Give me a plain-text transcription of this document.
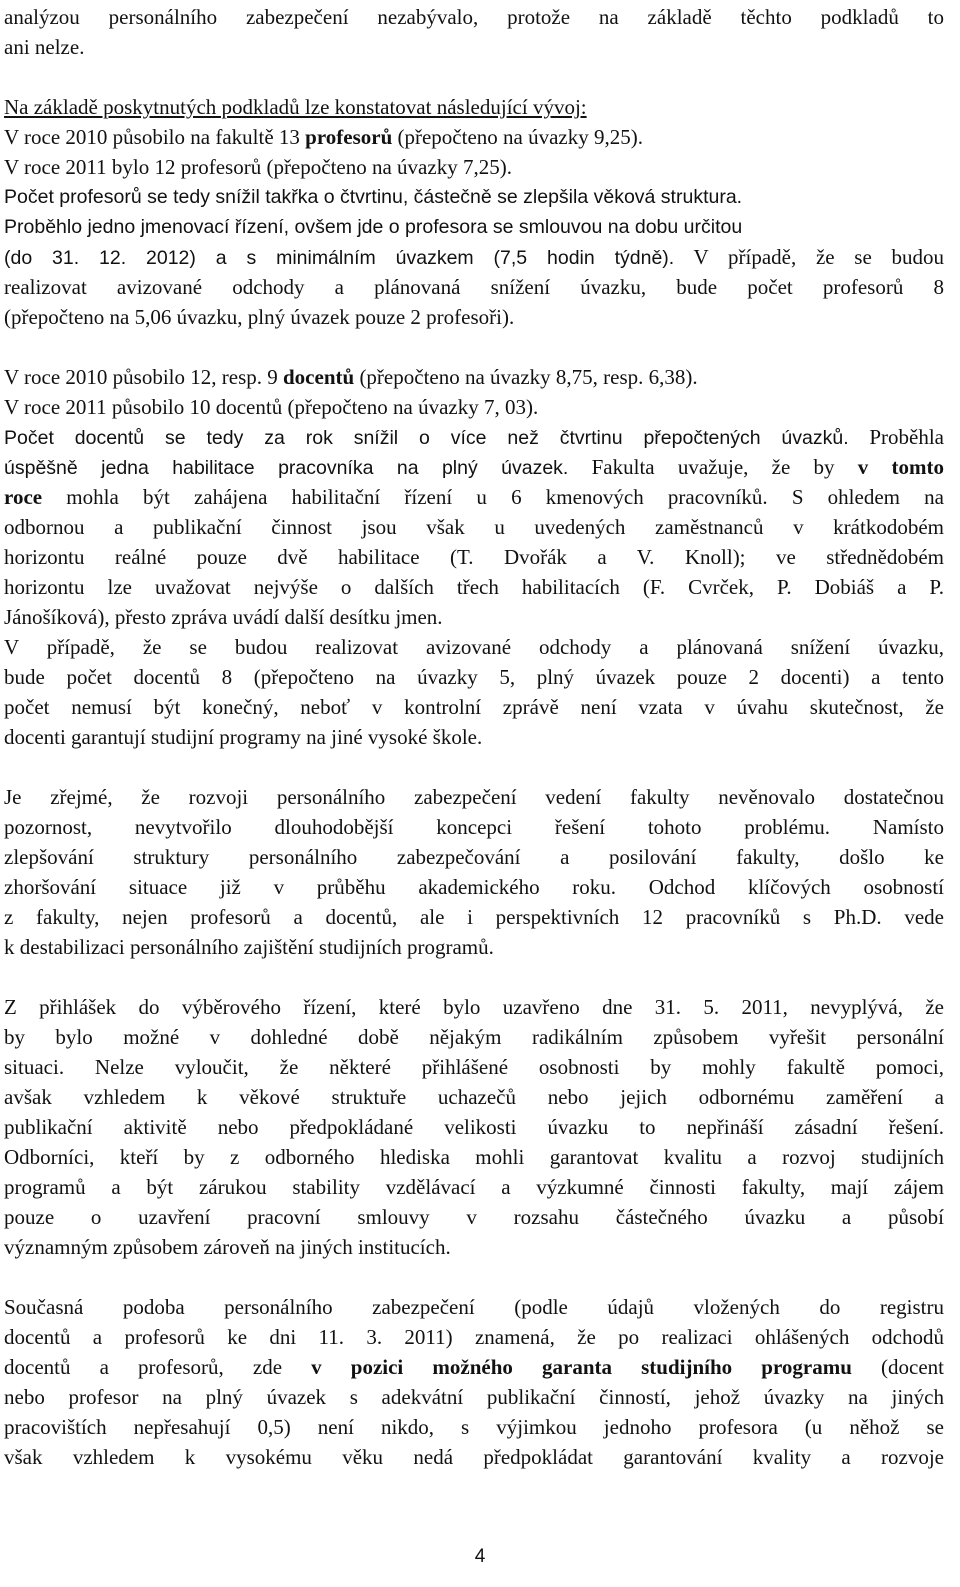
analýzou personálního zabezpečení nezabývalo, protože na základě těchto podkladů to
ani nelze.
Na základě poskytnutých podkladů lze konstatovat následující vývoj:
V roce 2010 působilo na fakultě 13 profesorů (přepočteno na úvazky 9,25).
V roce 2011 bylo 12 profesorů (přepočteno na úvazky 7,25).
Počet profesorů se tedy snížil takřka o čtvrtinu, částečně se zlepšila věková struktura.
Proběhlo jedno jmenovací řízení, ovšem jde o profesora se smlouvou na dobu určitou
(do 31. 12. 2012) a s minimálním úvazkem (7,5 hodin týdně). V případě, že se budou
realizovat avizované odchody a plánovaná snížení úvazku, bude počet profesorů 8
(přepočteno na 5,06 úvazku, plný úvazek pouze 2 profesoři).
V roce 2010 působilo 12, resp. 9 docentů (přepočteno na úvazky 8,75, resp. 6,38).
V roce 2011 působilo 10 docentů (přepočteno na úvazky 7, 03).
Počet docentů se tedy za rok snížil o více než čtvrtinu přepočtených úvazků. Proběhla
úspěšně jedna habilitace pracovníka na plný úvazek. Fakulta uvažuje, že by v tomto
roce mohla být zahájena habilitační řízení u 6 kmenových pracovníků. S ohledem na
odbornou a publikační činnost jsou však u uvedených zaměstnanců v krátkodobém
horizontu reálné pouze dvě habilitace (T. Dvořák a V. Knoll); ve střednědobém
horizontu lze uvažovat nejvýše o dalších třech habilitacích (F. Cvrček, P. Dobiáš a P.
Jánošíková), přesto zpráva uvádí další desítku jmen.
V případě, že se budou realizovat avizované odchody a plánovaná snížení úvazku,
bude počet docentů 8 (přepočteno na úvazky 5, plný úvazek pouze 2 docenti) a tento
počet nemusí být konečný, neboť v kontrolní zprávě není vzata v úvahu skutečnost, že
docenti garantují studijní programy na jiné vysoké škole.
Je zřejmé, že rozvoji personálního zabezpečení vedení fakulty nevěnovalo dostatečnou
pozornost, nevytvořilo dlouhodobější koncepci řešení tohoto problému. Namísto
zlepšování struktury personálního zabezpečování a posilování fakulty, došlo ke
zhoršování situace již v průběhu akademického roku. Odchod klíčových osobností
z fakulty, nejen profesorů a docentů, ale i perspektivních 12 pracovníků s Ph.D. vede
k destabilizaci personálního zajištění studijních programů.
Z přihlášek do výběrového řízení, které bylo uzavřeno dne 31. 5. 2011, nevyplývá, že
by bylo možné v dohledné době nějakým radikálním způsobem vyřešit personální
situaci. Nelze vyloučit, že některé přihlášené osobnosti by mohly fakultě pomoci,
avšak vzhledem k věkové struktuře uchazečů nebo jejich odbornému zaměření a
publikační aktivitě nebo předpokládané velikosti úvazku to nepřináší zásadní řešení.
Odborníci, kteří by z odborného hlediska mohli garantovat kvalitu a rozvoj studijních
programů a být zárukou stability vzdělávací a výzkumné činnosti fakulty, mají zájem
pouze o uzavření pracovní smlouvy v rozsahu částečného úvazku a působí
významným způsobem zároveň na jiných institucích.
Současná podoba personálního zabezpečení (podle údajů vložených do registru
docentů a profesorů ke dni 11. 3. 2011) znamená, že po realizaci ohlášených odchodů
docentů a profesorů, zde v pozici možného garanta studijního programu (docent
nebo profesor na plný úvazek s adekvátní publikační činností, jehož úvazky na jiných
pracovištích nepřesahují 0,5) není nikdo, s výjimkou jednoho profesora (u něhož se
však vzhledem k vysokému věku nedá předpokládat garantování kvality a rozvoje
4
